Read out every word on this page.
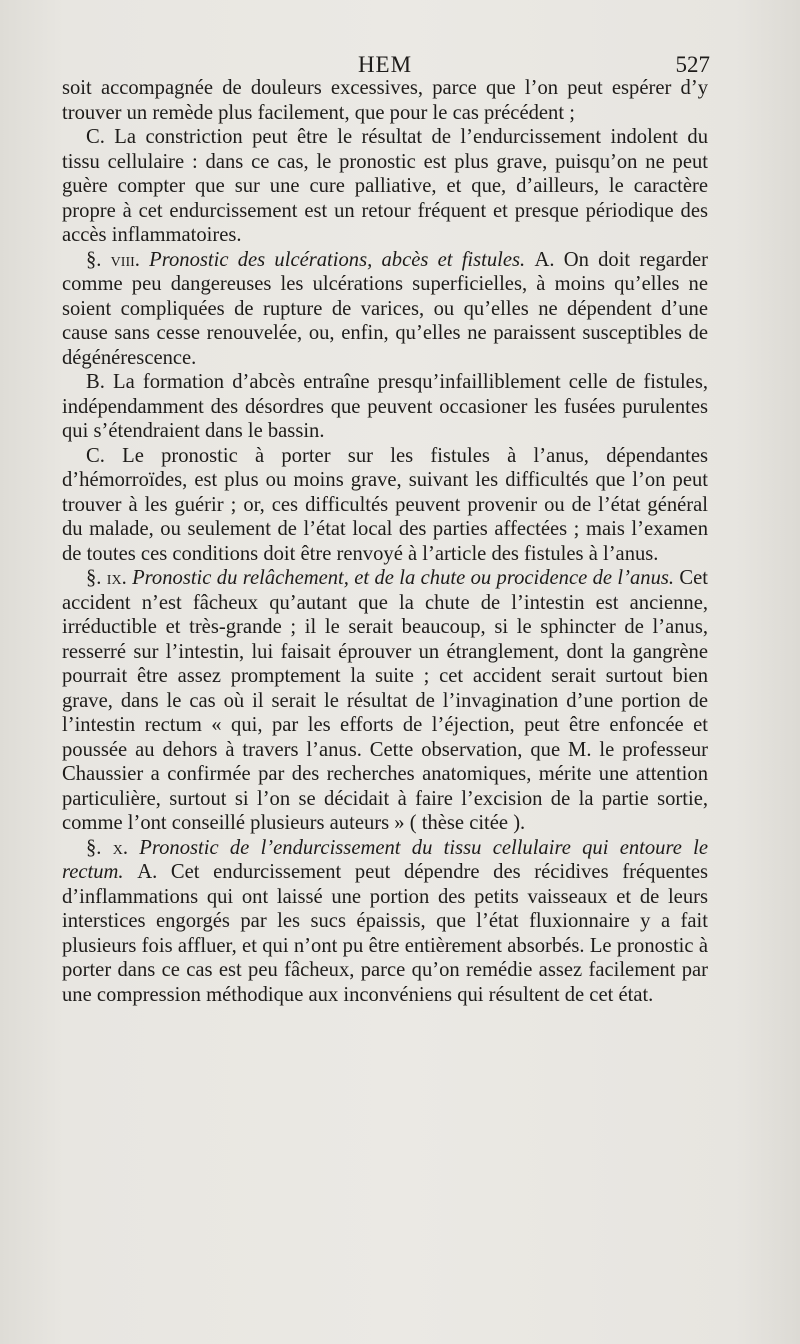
HEM	527

soit accompagnée de douleurs excessives, parce que l’on peut espérer d’y trouver un remède plus facilement, que pour le cas précédent ;

C. La constriction peut être le résultat de l’endurcissement indolent du tissu cellulaire : dans ce cas, le pronostic est plus grave, puisqu’on ne peut guère compter que sur une cure palliative, et que, d’ailleurs, le caractère propre à cet endurcissement est un retour fréquent et presque périodique des accès inflammatoires.

§. viii. Pronostic des ulcérations, abcès et fistules. A. On doit regarder comme peu dangereuses les ulcérations superficielles, à moins qu’elles ne soient compliquées de rupture de varices, ou qu’elles ne dépendent d’une cause sans cesse renouvelée, ou, enfin, qu’elles ne paraissent susceptibles de dégénérescence.

B. La formation d’abcès entraîne presqu’infailliblement celle de fistules, indépendamment des désordres que peuvent occasioner les fusées purulentes qui s’étendraient dans le bassin.

C. Le pronostic à porter sur les fistules à l’anus, dépendantes d’hémorroïdes, est plus ou moins grave, suivant les difficultés que l’on peut trouver à les guérir ; or, ces difficultés peuvent provenir ou de l’état général du malade, ou seulement de l’état local des parties affectées ; mais l’examen de toutes ces conditions doit être renvoyé à l’article des fistules à l’anus.

§. ix. Pronostic du relâchement, et de la chute ou procidence de l’anus. Cet accident n’est fâcheux qu’autant que la chute de l’intestin est ancienne, irréductible et très-grande ; il le serait beaucoup, si le sphincter de l’anus, resserré sur l’intestin, lui faisait éprouver un étranglement, dont la gangrène pourrait être assez promptement la suite ; cet accident serait surtout bien grave, dans le cas où il serait le résultat de l’invagination d’une portion de l’intestin rectum « qui, par les efforts de l’éjection, peut être enfoncée et poussée au dehors à travers l’anus. Cette observation, que M. le professeur Chaussier a confirmée par des recherches anatomiques, mérite une attention particulière, surtout si l’on se décidait à faire l’excision de la partie sortie, comme l’ont conseillé plusieurs auteurs » ( thèse citée ).

§. x. Pronostic de l’endurcissement du tissu cellulaire qui entoure le rectum. A. Cet endurcissement peut dépendre des récidives fréquentes d’inflammations qui ont laissé une portion des petits vaisseaux et de leurs interstices engorgés par les sucs épaissis, que l’état fluxionnaire y a fait plusieurs fois affluer, et qui n’ont pu être entièrement absorbés. Le pronostic à porter dans ce cas est peu fâcheux, parce qu’on remédie assez facilement par une compression méthodique aux inconvéniens qui résultent de cet état.
